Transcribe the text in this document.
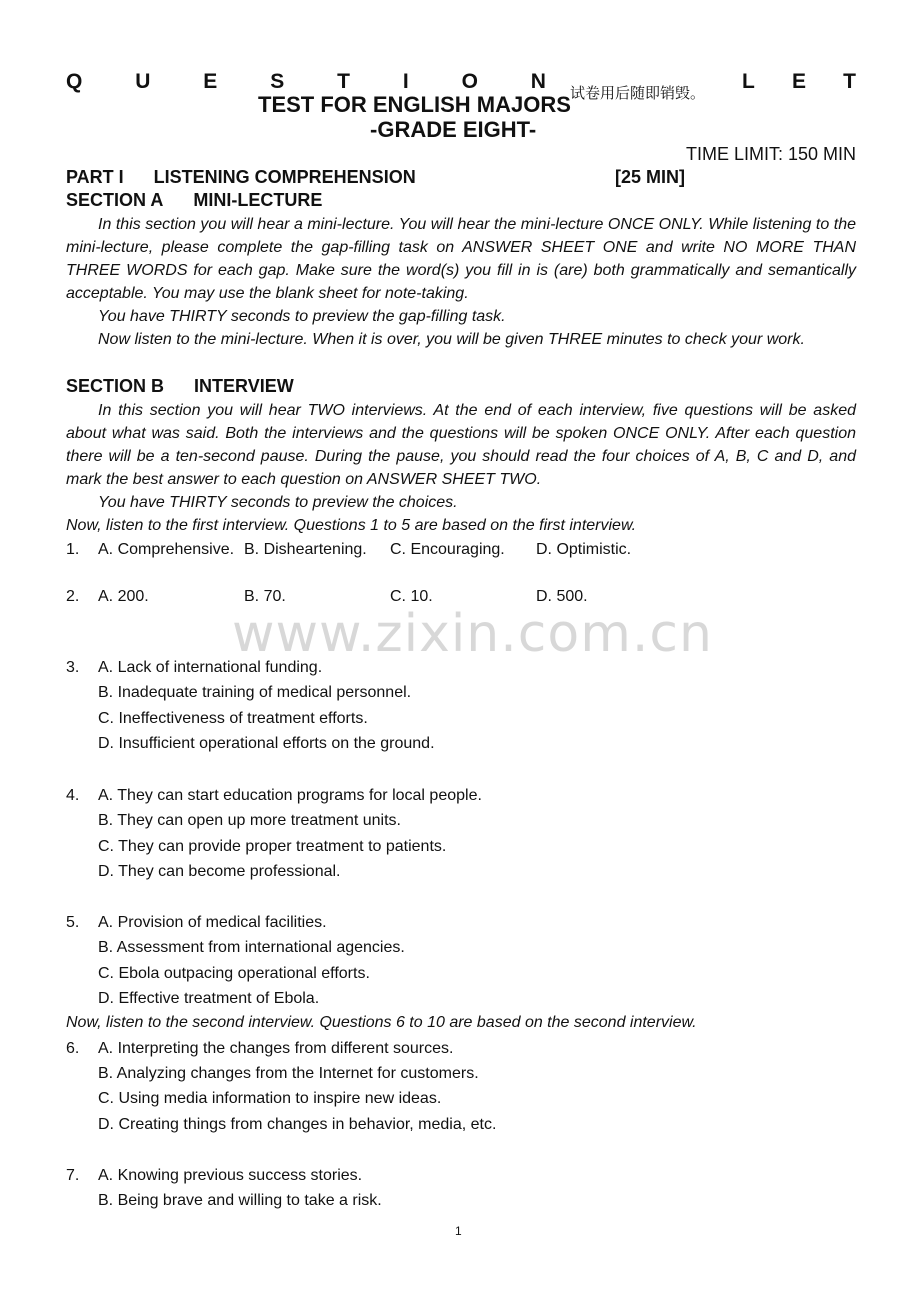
Q	U	E	S	T	I	O	N 试卷用后随即销毁。 L E T
TEST FOR ENGLISH MAJORS
-GRADE EIGHT-
TIME LIMIT: 150 MIN
PART I LISTENING COMPREHENSION	[25 MIN]
SECTION A MINI-LECTURE

In this section you will hear a mini-lecture. You will hear the mini-lecture ONCE ONLY. While listening to the mini-lecture, please complete the gap-filling task on ANSWER SHEET ONE and write NO MORE THAN THREE WORDS for each gap. Make sure the word(s) you fill in is (are) both grammatically and semantically acceptable. You may use the blank sheet for note-taking.

You have THIRTY seconds to preview the gap-filling task.

Now listen to the mini-lecture. When it is over, you will be given THREE minutes to check your work.

SECTION B INTERVIEW

In this section you will hear TWO interviews. At the end of each interview, five questions will be asked about what was said. Both the interviews and the questions will be spoken ONCE ONLY. After each question there will be a ten-second pause. During the pause, you should read the four choices of A, B, C and D, and mark the best answer to each question on ANSWER SHEET TWO.

You have THIRTY seconds to preview the choices.

Now, listen to the first interview. Questions 1 to 5 are based on the first interview.

1. A. Comprehensive. B. Disheartening. C. Encouraging. D. Optimistic.
2. A. 200.	B. 70.	C. 10.	D. 500.
3. A. Lack of international funding.
B. Inadequate training of medical personnel.
C. Ineffectiveness of treatment efforts.
D. Insufficient operational efforts on the ground.
4. A. They can start education programs for local people.
B. They can open up more treatment units.
C. They can provide proper treatment to patients.
D. They can become professional.
5. A. Provision of medical facilities.
B. Assessment from international agencies.
C. Ebola outpacing operational efforts.
D. Effective treatment of Ebola.
Now, listen to the second interview. Questions 6 to 10 are based on the second interview.
6. A. Interpreting the changes from different sources.
B. Analyzing changes from the Internet for customers.
C. Using media information to inspire new ideas.
D. Creating things from changes in behavior, media, etc.
7. A. Knowing previous success stories.
B. Being brave and willing to take a risk.
www.zixin.com.cn
1
